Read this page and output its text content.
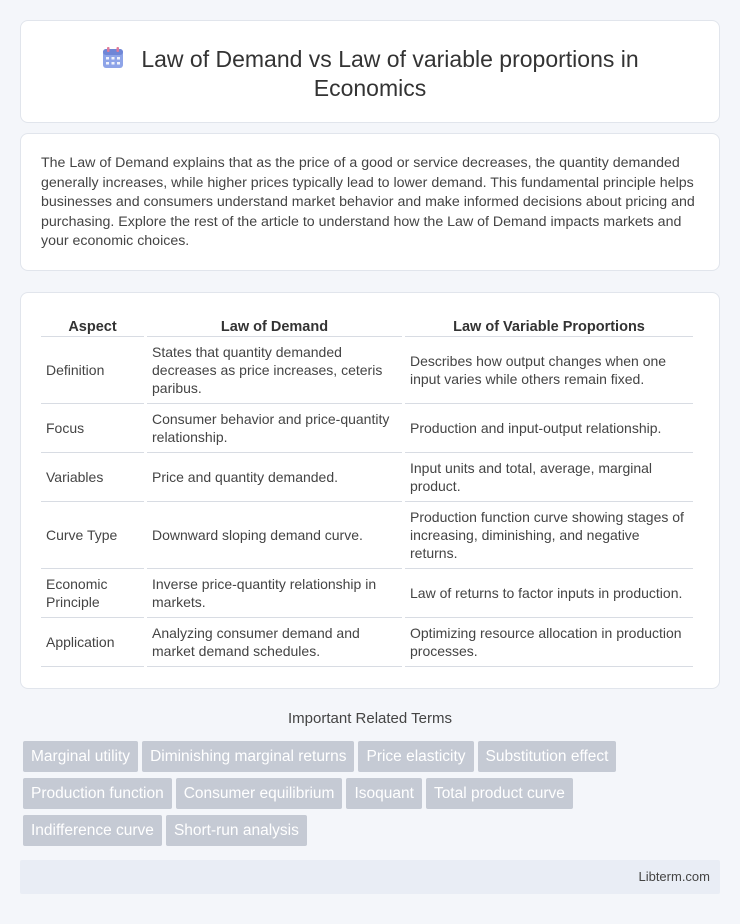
Law of Demand vs Law of variable proportions in
Economics

The Law of Demand explains that as the price of a good or service decreases, the quantity demanded generally increases, while higher prices typically lead to lower demand. This fundamental principle helps businesses and consumers understand market behavior and make informed decisions about pricing and purchasing. Explore the rest of the article to understand how the Law of Demand impacts markets and your economic choices.

Aspect	Law of Demand	Law of Variable Proportions
Definition	States that quantity demanded decreases as price increases, ceteris paribus.	Describes how output changes when one input varies while others remain fixed.
Focus	Consumer behavior and price-quantity relationship.	Production and input-output relationship.
Variables	Price and quantity demanded.	Input units and total, average, marginal product.
Curve Type	Downward sloping demand curve.	Production function curve showing stages of increasing, diminishing, and negative returns.
Economic Principle	Inverse price-quantity relationship in markets.	Law of returns to factor inputs in production.
Application	Analyzing consumer demand and market demand schedules.	Optimizing resource allocation in production processes.
Important Related Terms
Marginal utility Diminishing marginal returns Price elasticity Substitution effect
Production function Consumer equilibrium Isoquant Total product curve
Indifference curve Short-run analysis
Libterm.com
